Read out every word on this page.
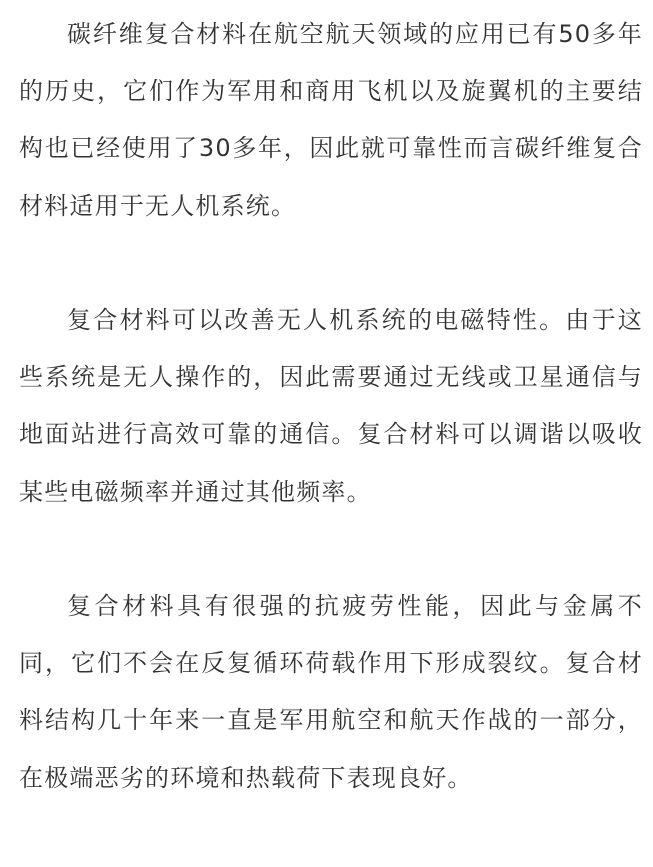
碳纤维复合材料在航空航天领域的应用已有50多年的历史，它们作为军用和商用飞机以及旋翼机的主要结构也已经使用了30多年，因此就可靠性而言碳纤维复合材料适用于无人机系统。

复合材料可以改善无人机系统的电磁特性。由于这些系统是无人操作的，因此需要通过无线或卫星通信与地面站进行高效可靠的通信。复合材料可以调谐以吸收某些电磁频率并通过其他频率。

复合材料具有很强的抗疲劳性能，因此与金属不同，它们不会在反复循环荷载作用下形成裂纹。复合材料结构几十年来一直是军用航空和航天作战的一部分，在极端恶劣的环境和热载荷下表现良好。
